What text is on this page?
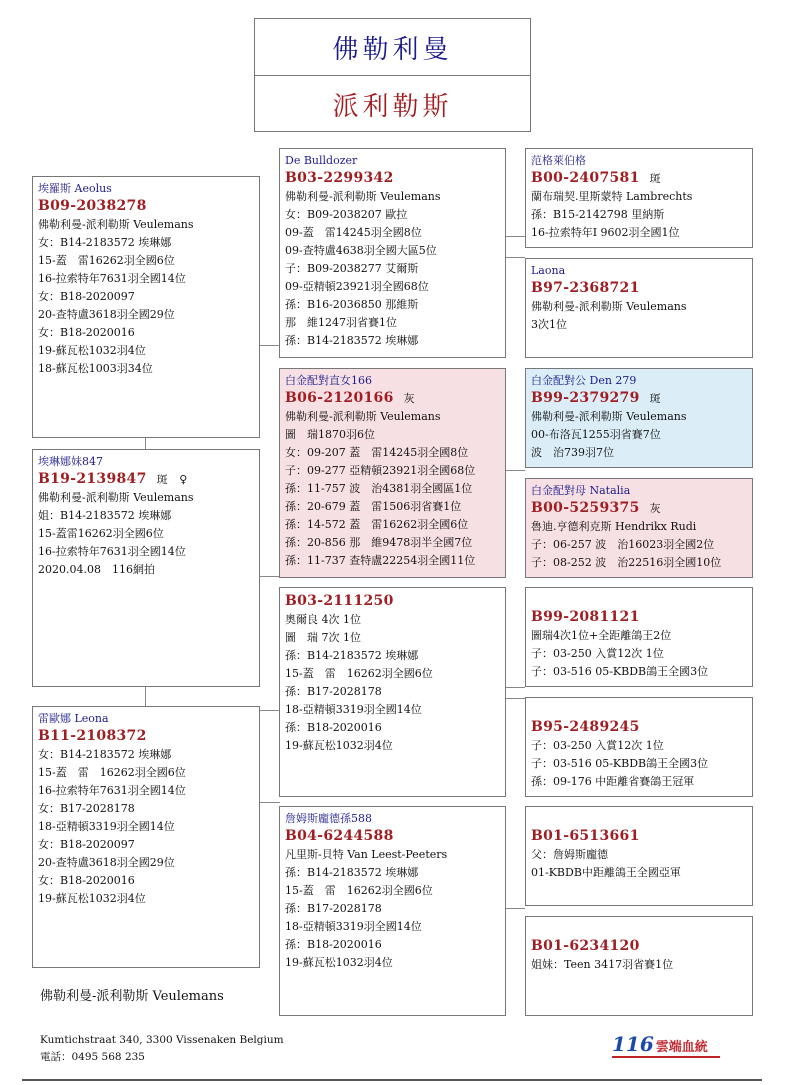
佛勒利曼
派利勒斯
埃羅斯 Aeolus
B09-2038278
佛勒利曼-派利勒斯 Veulemans
女：B14-2183572 埃琳娜
15-蓋　雷16262羽全國6位
16-拉索特年7631羽全國14位
女：B18-2020097
20-查特盧3618羽全國29位
女：B18-2020016
19-蘇瓦松1032羽4位
18-蘇瓦松1003羽34位
埃琳娜妹847
B19-2139847 斑　♀
佛勒利曼-派利勒斯 Veulemans
姐：B14-2183572 埃琳娜
15-蓋雷16262羽全國6位
16-拉索特年7631羽全國14位
2020.04.08　116網拍
雷歐娜 Leona
B11-2108372
女：B14-2183572 埃琳娜
15-蓋　雷　16262羽全國6位
16-拉索特年7631羽全國14位
女：B17-2028178
18-亞精頓3319羽全國14位
女：B18-2020097
20-查特盧3618羽全國29位
女：B18-2020016
19-蘇瓦松1032羽4位
De Bulldozer
B03-2299342
佛勒利曼-派利勒斯 Veulemans
女：B09-2038207 歐拉
09-蓋　雷14245羽全國8位
09-查特盧4638羽全國大區5位
子：B09-2038277 艾爾斯
09-亞精頓23921羽全國68位
孫：B16-2036850 那維斯
那　維1247羽省賽1位
孫：B14-2183572 埃琳娜
白金配對直女166
B06-2120166 灰
佛勒利曼-派利勒斯 Veulemans
圖　瑞1870羽6位
女：09-207 蓋　雷14245羽全國8位
子：09-277 亞精頓23921羽全國68位
孫：11-757 波　治4381羽全國區1位
孫：20-679 蓋　雷1506羽省賽1位
孫：14-572 蓋　雷16262羽全國6位
孫：20-856 那　維9478羽半全國7位
孫：11-737 查特盧22254羽全國11位
B03-2111250
奧爾良 4次 1位
圖　瑞 7次 1位
孫：B14-2183572 埃琳娜
15-蓋　雷　16262羽全國6位
孫：B17-2028178
18-亞精頓3319羽全國14位
孫：B18-2020016
19-蘇瓦松1032羽4位
詹姆斯龐德孫588
B04-6244588
凡里斯-貝特 Van Leest-Peeters
孫：B14-2183572 埃琳娜
15-蓋　雷　16262羽全國6位
孫：B17-2028178
18-亞精頓3319羽全國14位
孫：B18-2020016
19-蘇瓦松1032羽4位
范格萊伯格
B00-2407581 斑
蘭布瑞契.里斯蒙特 Lambrechts
孫：B15-2142798 里納斯
16-拉索特年I 9602羽全國1位
Laona
B97-2368721
佛勒利曼-派利勒斯 Veulemans
3次1位
白金配對公 Den 279
B99-2379279 斑
佛勒利曼-派利勒斯 Veulemans
00-布洛瓦1255羽省賽7位
波　治739羽7位
白金配對母 Natalia
B00-5259375 灰
魯迪.亨德利克斯 Hendrikx Rudi
子：06-257 波　治16023羽全國2位
子：08-252 波　治22516羽全國10位
B99-2081121
圖瑞4次1位+全距離鴿王2位
子：03-250 入賞12次 1位
子：03-516 05-KBDB鴿王全國3位
B95-2489245
子：03-250 入賞12次 1位
子：03-516 05-KBDB鴿王全國3位
孫：09-176 中距離省賽鴿王冠軍
B01-6513661
父：詹姆斯龐德
01-KBDB中距離鴿王全國亞軍
B01-6234120
姐妹：Teen 3417羽省賽1位
佛勒利曼-派利勒斯 Veulemans
Kumtichstraat 340, 3300 Vissenaken Belgium
電話：0495 568 235
116 雲端血統
